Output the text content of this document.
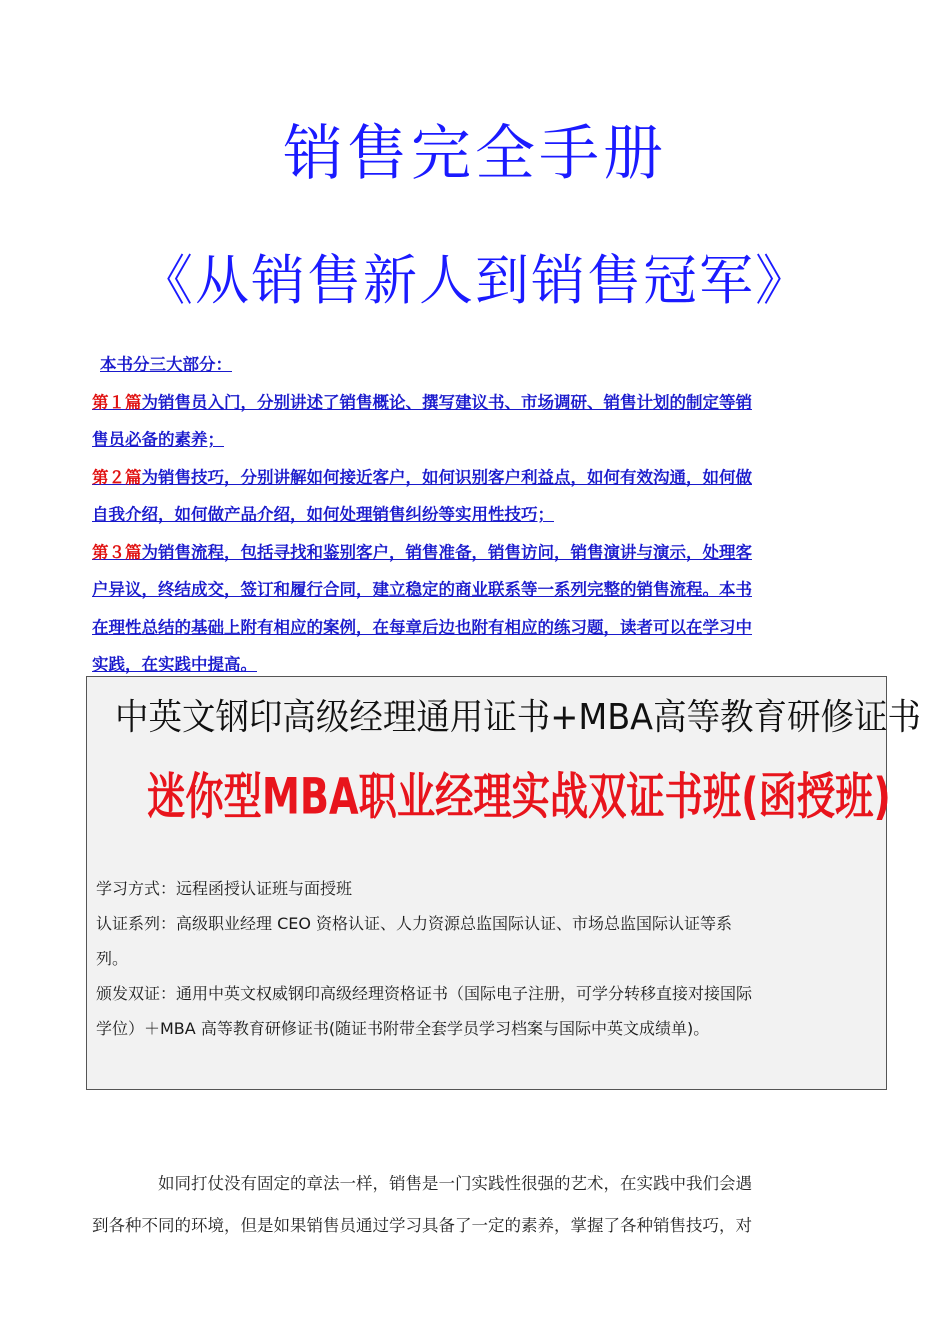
销售完全手册
《从销售新人到销售冠军》
本书分三大部分：
第１篇为销售员入门，分别讲述了销售概论、撰写建议书、市场调研、销售计划的制定等销
售员必备的素养；
第２篇为销售技巧，分别讲解如何接近客户，如何识别客户利益点，如何有效沟通，如何做
自我介绍，如何做产品介绍，如何处理销售纠纷等实用性技巧；
第３篇为销售流程，包括寻找和鉴别客户，销售准备，销售访问，销售演讲与演示，处理客
户异议，终结成交，签订和履行合同，建立稳定的商业联系等一系列完整的销售流程。本书
在理性总结的基础上附有相应的案例，在每章后边也附有相应的练习题，读者可以在学习中
实践，在实践中提高。
中英文钢印高级经理通用证书+MBA高等教育研修证书
迷你型MBA职业经理实战双证书班(函授班)

学习方式：远程函授认证班与面授班

认证系列：高级职业经理 CEO 资格认证、人力资源总监国际认证、市场总监国际认证等系

列。

颁发双证：通用中英文权威钢印高级经理资格证书（国际电子注册，可学分转移直接对接国际

学位）＋MBA 高等教育研修证书(随证书附带全套学员学习档案与国际中英文成绩单)。

如同打仗没有固定的章法一样，销售是一门实践性很强的艺术，在实践中我们会遇

到各种不同的环境，但是如果销售员通过学习具备了一定的素养，掌握了各种销售技巧，对
